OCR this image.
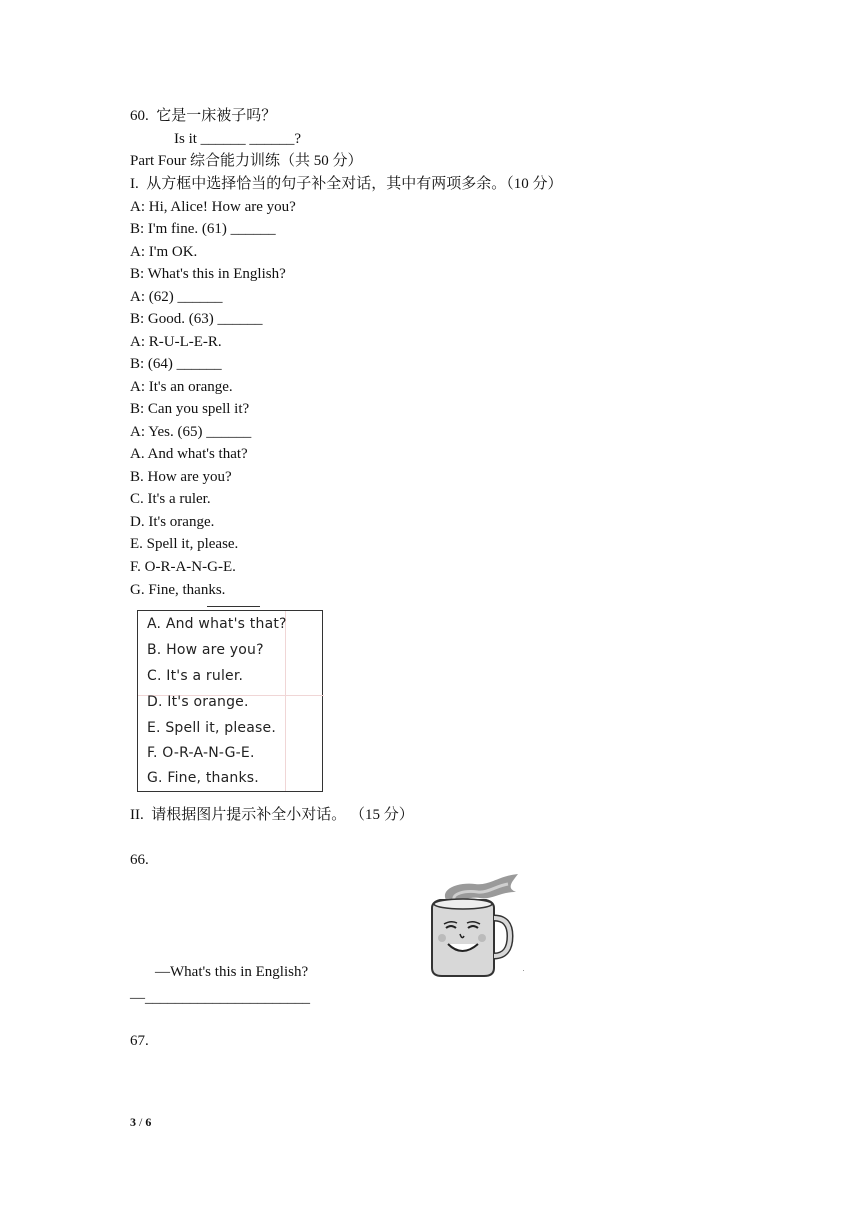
60.  它是一床被子吗？
Is it ______ ______?
Part Four 综合能力训练（共 50 分）
I.  从方框中选择恰当的句子补全对话，其中有两项多余。（10 分）
A: Hi, Alice! How are you?
B: I'm fine. (61) ______
A: I'm OK.
B: What's this in English?
A: (62) ______
B: Good. (63) ______
A: R-U-L-E-R.
B: (64) ______
A: It's an orange.
B: Can you spell it?
A: Yes. (65) ______
A. And what's that?
B. How are you?
C. It's a ruler.
D. It's orange.
E. Spell it, please.
F. O-R-A-N-G-E.
G. Fine, thanks.
A. And what's that?
B. How are you?
C. It's a ruler.
D. It's orange.
E. Spell it, please.
F. O-R-A-N-G-E.
G. Fine, thanks.
II.  请根据图片提示补全小对话。 （15 分）
66.
—What's this in English?
—______________________
67.
3 / 6
